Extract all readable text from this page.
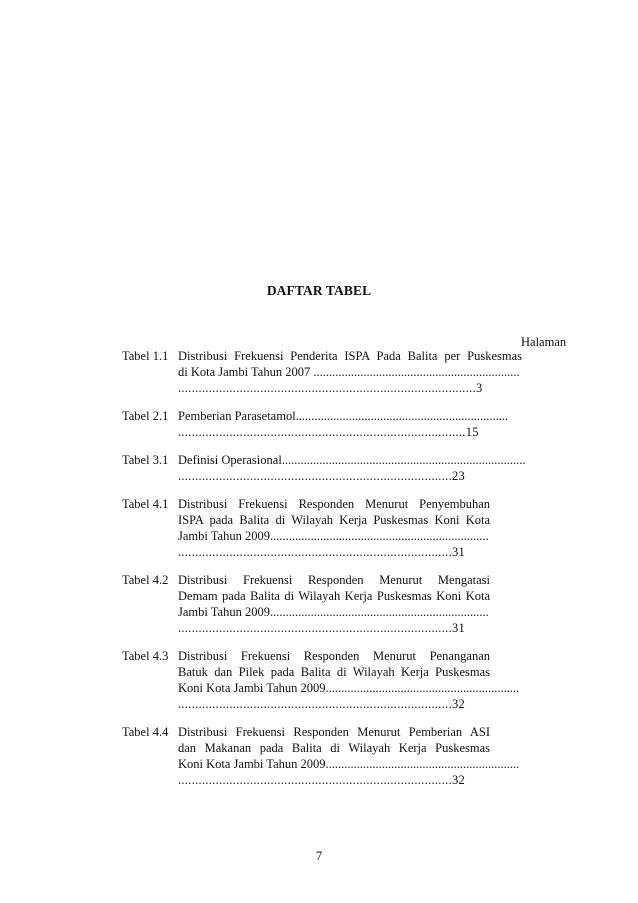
DAFTAR TABEL
Halaman
Tabel 1.1 Distribusi Frekuensi Penderita ISPA Pada Balita per Puskesmas
di Kota Jambi Tahun 2007 ..................................................................
.......................................................................................3
Tabel 2.1 Pemberian Parasetamol....................................................................
....................................................................................15
Tabel 3.1 Definisi Operasional..............................................................................
................................................................................23
Tabel 4.1 Distribusi Frekuensi Responden Menurut Penyembuhan
ISPA pada Balita di Wilayah Kerja Puskesmas Koni Kota
Jambi Tahun 2009......................................................................
................................................................................31
Tabel 4.2 Distribusi Frekuensi Responden Menurut Mengatasi
Demam pada Balita di Wilayah Kerja Puskesmas Koni Kota
Jambi Tahun 2009......................................................................
................................................................................31
Tabel 4.3 Distribusi Frekuensi Responden Menurut Penanganan
Batuk dan Pilek pada Balita di Wilayah Kerja Puskesmas
Koni Kota Jambi Tahun 2009..............................................................
................................................................................32
Tabel 4.4 Distribusi Frekuensi Responden Menurut Pemberian ASI
dan Makanan pada Balita di Wilayah Kerja Puskesmas
Koni Kota Jambi Tahun 2009..............................................................
................................................................................32
7
